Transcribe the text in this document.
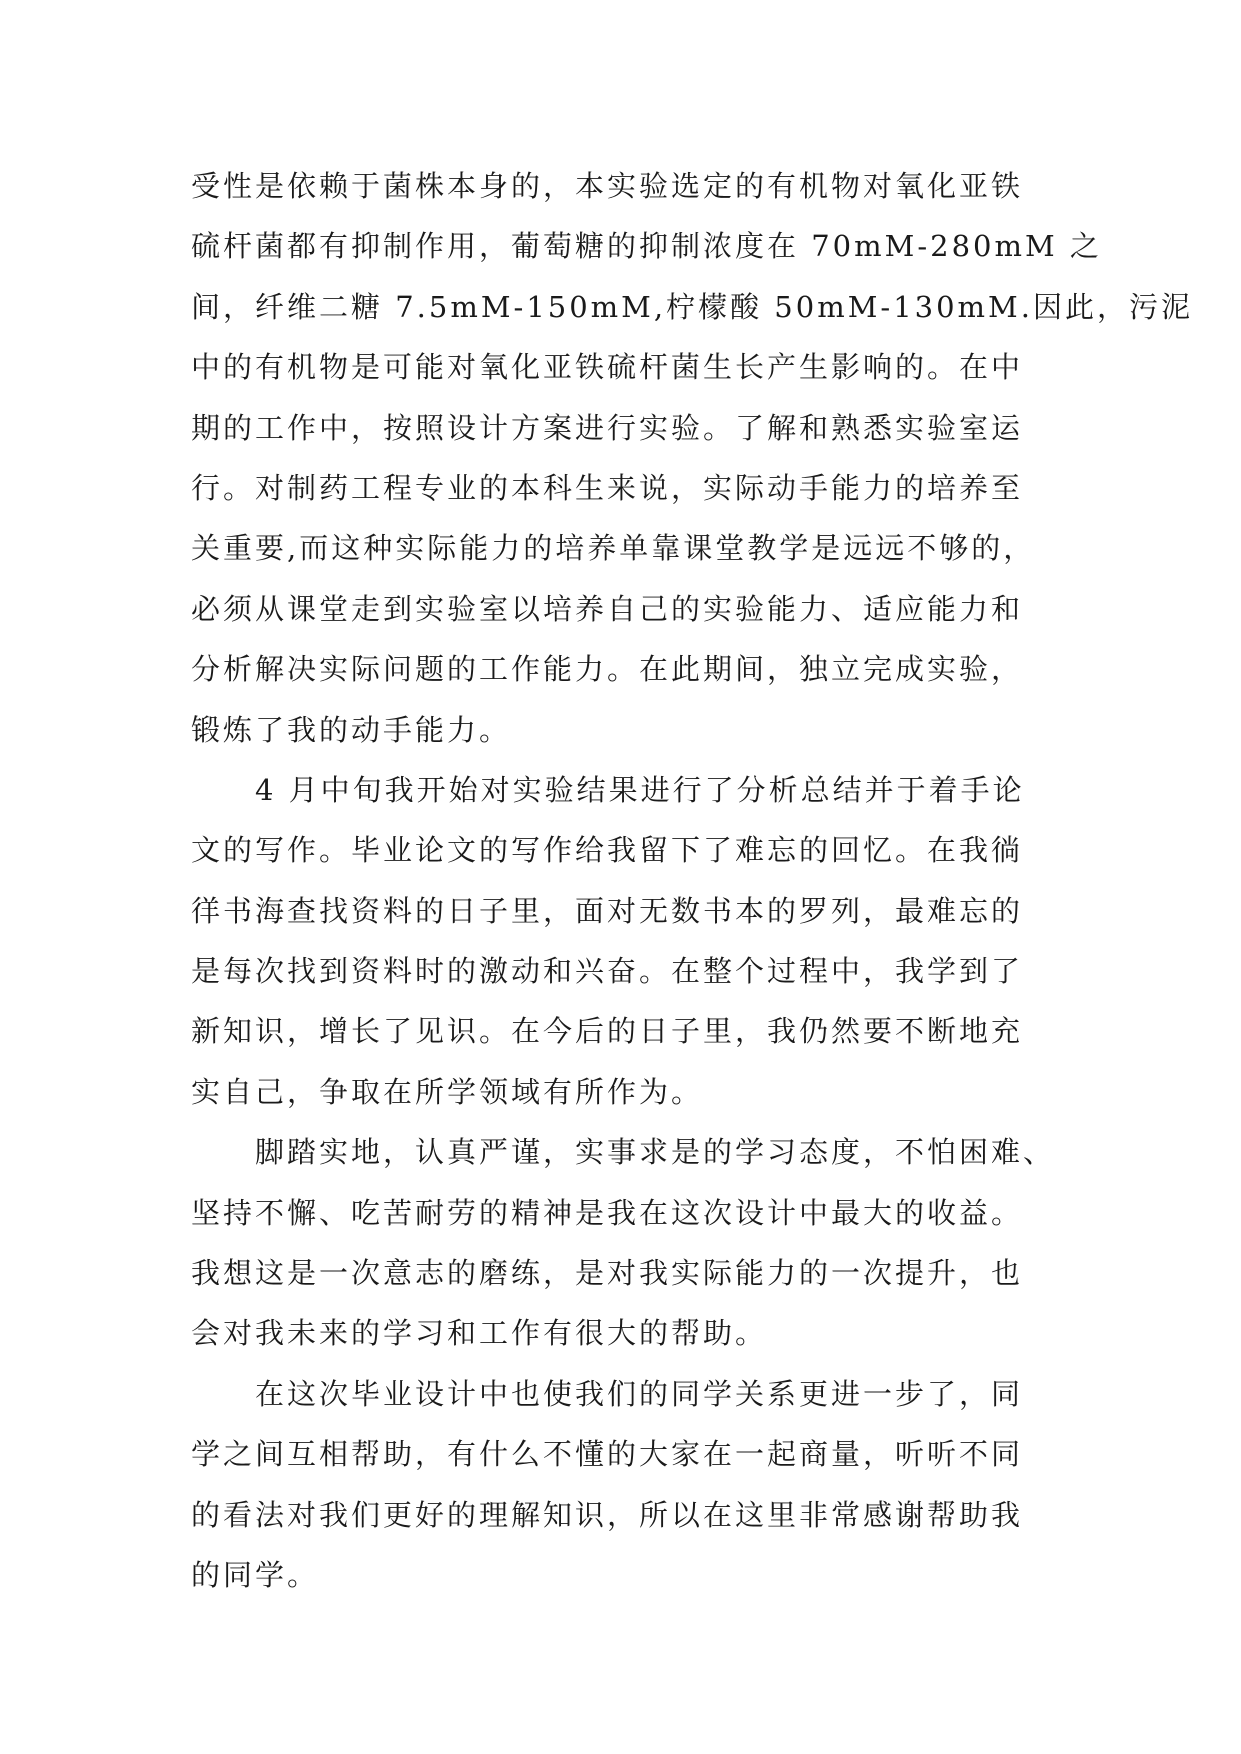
受性是依赖于菌株本身的，本实验选定的有机物对氧化亚铁
硫杆菌都有抑制作用，葡萄糖的抑制浓度在 70mM-280mM 之
间，纤维二糖 7.5mM-150mM,柠檬酸 50mM-130mM.因此，污泥
中的有机物是可能对氧化亚铁硫杆菌生长产生影响的。在中
期的工作中，按照设计方案进行实验。了解和熟悉实验室运
行。对制药工程专业的本科生来说，实际动手能力的培养至
关重要,而这种实际能力的培养单靠课堂教学是远远不够的，
必须从课堂走到实验室以培养自己的实验能力、适应能力和
分析解决实际问题的工作能力。在此期间，独立完成实验，
锻炼了我的动手能力。
4 月中旬我开始对实验结果进行了分析总结并于着手论
文的写作。毕业论文的写作给我留下了难忘的回忆。在我徜
徉书海查找资料的日子里，面对无数书本的罗列，最难忘的
是每次找到资料时的激动和兴奋。在整个过程中，我学到了
新知识，增长了见识。在今后的日子里，我仍然要不断地充
实自己，争取在所学领域有所作为。
脚踏实地，认真严谨，实事求是的学习态度，不怕困难、
坚持不懈、吃苦耐劳的精神是我在这次设计中最大的收益。
我想这是一次意志的磨练，是对我实际能力的一次提升，也
会对我未来的学习和工作有很大的帮助。
在这次毕业设计中也使我们的同学关系更进一步了，同
学之间互相帮助，有什么不懂的大家在一起商量，听听不同
的看法对我们更好的理解知识，所以在这里非常感谢帮助我
的同学。
